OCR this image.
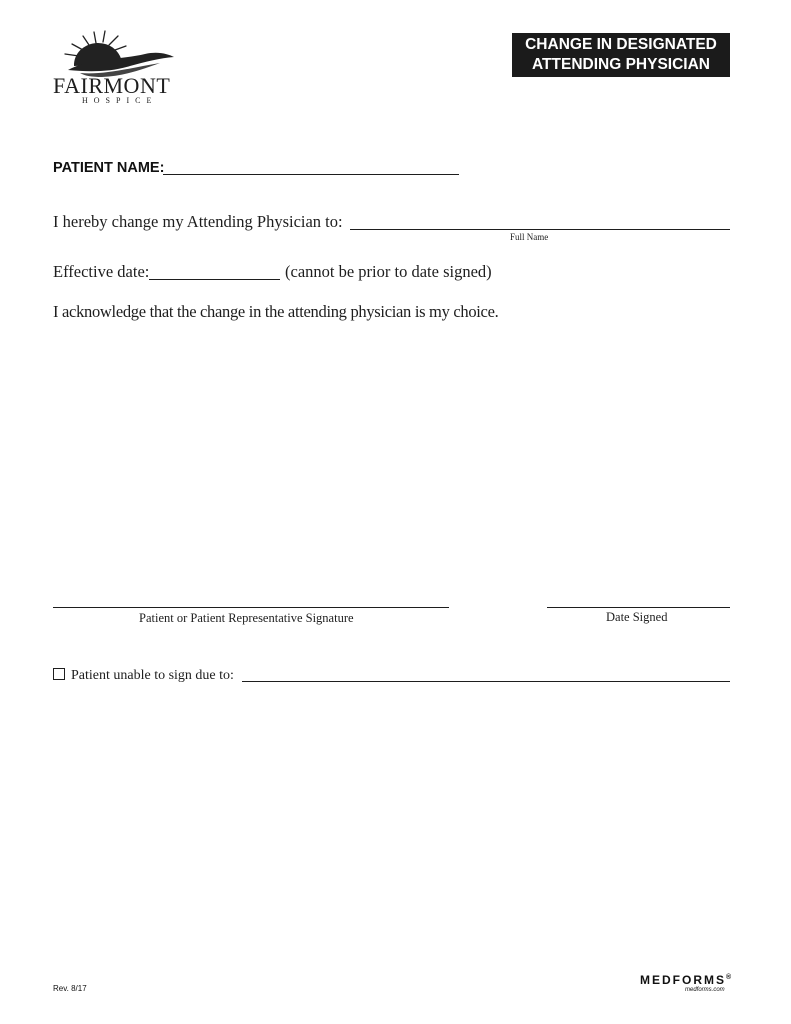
FAIRMONT
HOSPICE
CHANGE IN DESIGNATED
ATTENDING PHYSICIAN
PATIENT NAME:
I hereby change my Attending Physician to:
Full Name
Effective date:	(cannot be prior to date signed)
I acknowledge that the change in the attending physician is my choice.
Patient or Patient Representative Signature	Date Signed
Patient unable to sign due to:
Rev. 8/17
MEDFORMS®
medforms.com
